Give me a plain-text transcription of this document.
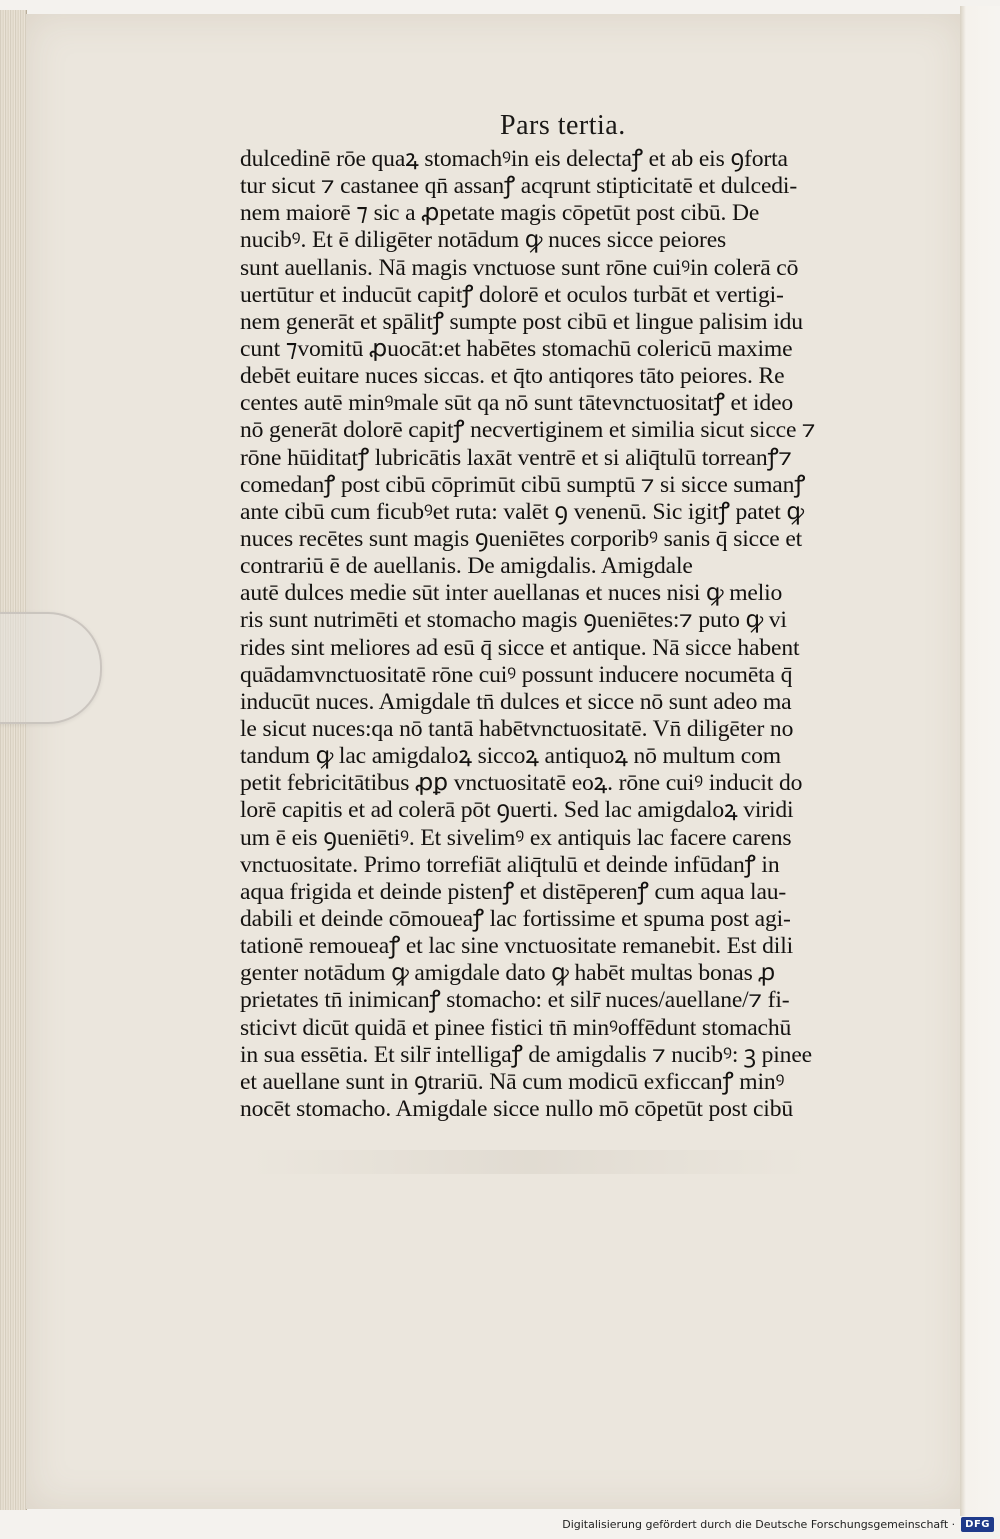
Pars tertia.
dulcedinē rōe quaꝝ stomachꝰin eis delectaꝭ et ab eis ꝯforta
tur sicut ⁊ castanee qn̄ assanꝭ acqrunt stipticitatē et dulcedi-
nem maiorē ⁊ sic a ꝓpetate magis cōpetūt post cibū. De
nucibꝰ. Et ē diligēter notādum ꝙ nuces sicce peiores
sunt auellanis. Nā magis vnctuose sunt rōne cuiꝰin colerā cō
uertūtur et inducūt capitꝭ dolorē et oculos turbāt et vertigi-
nem generāt et spālitꝭ sumpte post cibū et lingue palisim idu
cunt ⁊vomitū ꝓuocāt:et habētes stomachū colericū maxime
debēt euitare nuces siccas. et q̄to antiqores tāto peiores. Re
centes autē minꝰmale sūt qa nō sunt tātevnctuositatꝭ et ideo
nō generāt dolorē capitꝭ necvertiginem et similia sicut sicce ⁊
rōne hūiditatꝭ lubricātis laxāt ventrē et si aliq̄tulū torreanꝭ⁊
comedanꝭ post cibū cōprimūt cibū sumptū ⁊ si sicce sumanꝭ
ante cibū cum ficubꝰet ruta: valēt ꝯ venenū. Sic igitꝭ patet ꝙ
nuces recētes sunt magis ꝯueniētes corporibꝰ sanis q̄ sicce et
contrariū ē de auellanis. De amigdalis. Amigdale
autē dulces medie sūt inter auellanas et nuces nisi ꝙ melio
ris sunt nutrimēti et stomacho magis ꝯueniētes:⁊ puto ꝙ vi
rides sint meliores ad esū q̄ sicce et antique. Nā sicce habent
quādamvnctuositatē rōne cuiꝰ possunt inducere nocumēta q̄
inducūt nuces. Amigdale tn̄ dulces et sicce nō sunt adeo ma
le sicut nuces:qa nō tantā habētvnctuositatē. Vn̄ diligēter no
tandum ꝙ lac amigdaloꝝ siccoꝝ antiquoꝝ nō multum com
petit febricitātibus ꝓꝑ vnctuositatē eoꝝ. rōne cuiꝰ inducit do
lorē capitis et ad colerā pōt ꝯuerti. Sed lac amigdaloꝝ viridi
um ē eis ꝯueniētiꝰ. Et sivelimꝰ ex antiquis lac facere carens
vnctuositate. Primo torrefiāt aliq̄tulū et deinde infūdanꝭ in
aqua frigida et deinde pistenꝭ et distēperenꝭ cum aqua lau-
dabili et deinde cōmoueaꝭ lac fortissime et spuma post agi-
tationē remoueaꝭ et lac sine vnctuositate remanebit. Est dili
genter notādum ꝙ amigdale dato ꝙ habēt multas bonas ꝓ
prietates tn̄ inimicanꝭ stomacho: et silr̄ nuces/auellane/⁊ fi-
sticivt dicūt quidā et pinee fistici tn̄ minꝰoffēdunt stomachū
in sua essētia. Et silr̄ intelligaꝭ de amigdalis ⁊ nucibꝰ: ꝫ pinee
et auellane sunt in ꝯtrariū. Nā cum modicū exficcanꝭ minꝰ
nocēt stomacho. Amigdale sicce nullo mō cōpetūt post cibū
Digitalisierung gefördert durch die Deutsche Forschungsgemeinschaft ·	DFG
